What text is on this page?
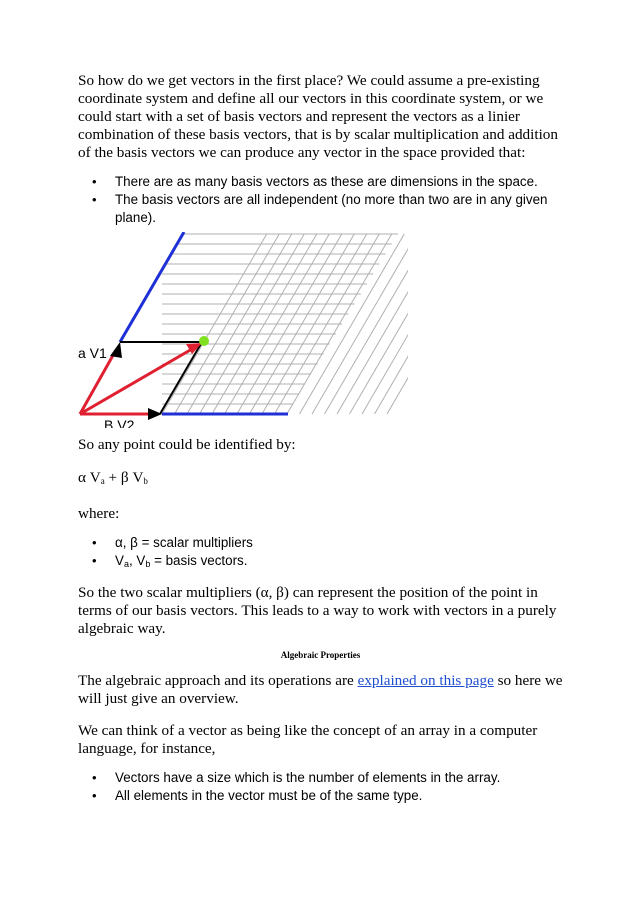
So how do we get vectors in the first place? We could assume a pre-existing coordinate system and define all our vectors in this coordinate system, or we could start with a set of basis vectors and represent the vectors as a linier combination of these basis vectors, that is by scalar multiplication and addition of the basis vectors we can produce any vector in the space provided that:

• There are as many basis vectors as these are dimensions in the space.
• The basis vectors are all independent (no more than two are in any given plane).
a V1
B V2

So any point could be identified by:

α $V_a + \beta$ $V_b$

where:

• α, β = scalar multipliers
• $V_a$, $V_b$ = basis vectors.

So the two scalar multipliers (α, β) can represent the position of the point in terms of our basis vectors. This leads to a way to work with vectors in a purely algebraic way.

Algebraic Properties

The algebraic approach and its operations are explained on this page so here we will just give an overview.

We can think of a vector as being like the concept of an array in a computer language, for instance,

• Vectors have a size which is the number of elements in the array.
• All elements in the vector must be of the same type.
